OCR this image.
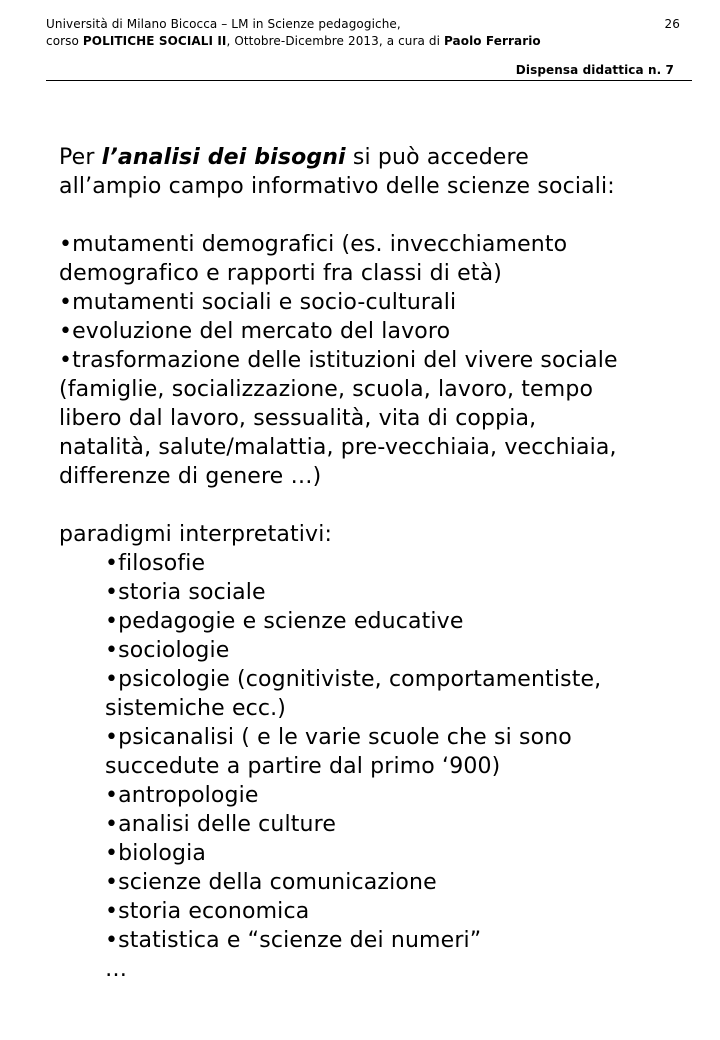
Università di Milano Bicocca – LM in Scienze pedagogiche,	26
corso POLITICHE SOCIALI II, Ottobre-Dicembre 2013, a cura di Paolo Ferrario
Dispensa didattica n. 7

Per l’analisi dei bisogni si può accedere

all’ampio campo informativo delle scienze sociali:

•mutamenti demografici (es. invecchiamento

demografico e rapporti fra classi di età)

•mutamenti sociali e socio-culturali

•evoluzione del mercato del lavoro

•trasformazione delle istituzioni del vivere sociale

(famiglie, socializzazione, scuola, lavoro, tempo

libero dal lavoro, sessualità, vita di coppia,

natalità, salute/malattia, pre-vecchiaia, vecchiaia,

differenze di genere …)

paradigmi interpretativi:

•filosofie

•storia sociale

•pedagogie e scienze educative

•sociologie

•psicologie (cognitiviste, comportamentiste,

sistemiche ecc.)

•psicanalisi ( e le varie scuole che si sono

succedute a partire dal primo ‘900)

•antropologie

•analisi delle culture

•biologia

•scienze della comunicazione

•storia economica

•statistica e “scienze dei numeri”

…
